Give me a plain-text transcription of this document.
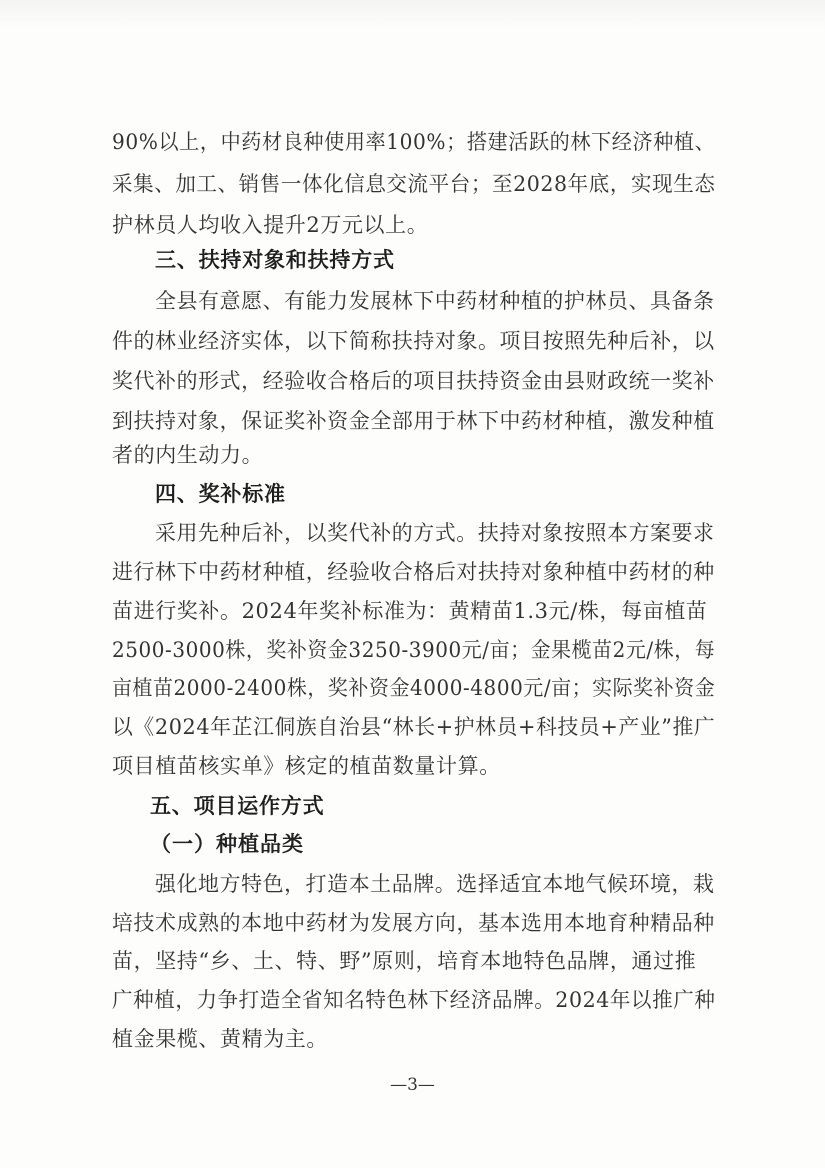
90%以上，中药材良种使用率100%；搭建活跃的林下经济种植、
采集、加工、销售一体化信息交流平台；至2028年底，实现生态
护林员人均收入提升2万元以上。
三、扶持对象和扶持方式
全县有意愿、有能力发展林下中药材种植的护林员、具备条
件的林业经济实体，以下简称扶持对象。项目按照先种后补，以
奖代补的形式，经验收合格后的项目扶持资金由县财政统一奖补
到扶持对象，保证奖补资金全部用于林下中药材种植，激发种植
者的内生动力。
四、奖补标准
采用先种后补，以奖代补的方式。扶持对象按照本方案要求
进行林下中药材种植，经验收合格后对扶持对象种植中药材的种
苗进行奖补。2024年奖补标准为：黄精苗1.3元/株，每亩植苗
2500-3000株，奖补资金3250-3900元/亩；金果榄苗2元/株，每
亩植苗2000-2400株，奖补资金4000-4800元/亩；实际奖补资金
以《2024年芷江侗族自治县“林长+护林员+科技员+产业”推广
项目植苗核实单》核定的植苗数量计算。
五、项目运作方式
（一）种植品类
强化地方特色，打造本土品牌。选择适宜本地气候环境，栽
培技术成熟的本地中药材为发展方向，基本选用本地育种精品种
苗，坚持“乡、土、特、野”原则，培育本地特色品牌，通过推
广种植，力争打造全省知名特色林下经济品牌。2024年以推广种
植金果榄、黄精为主。
—3—
